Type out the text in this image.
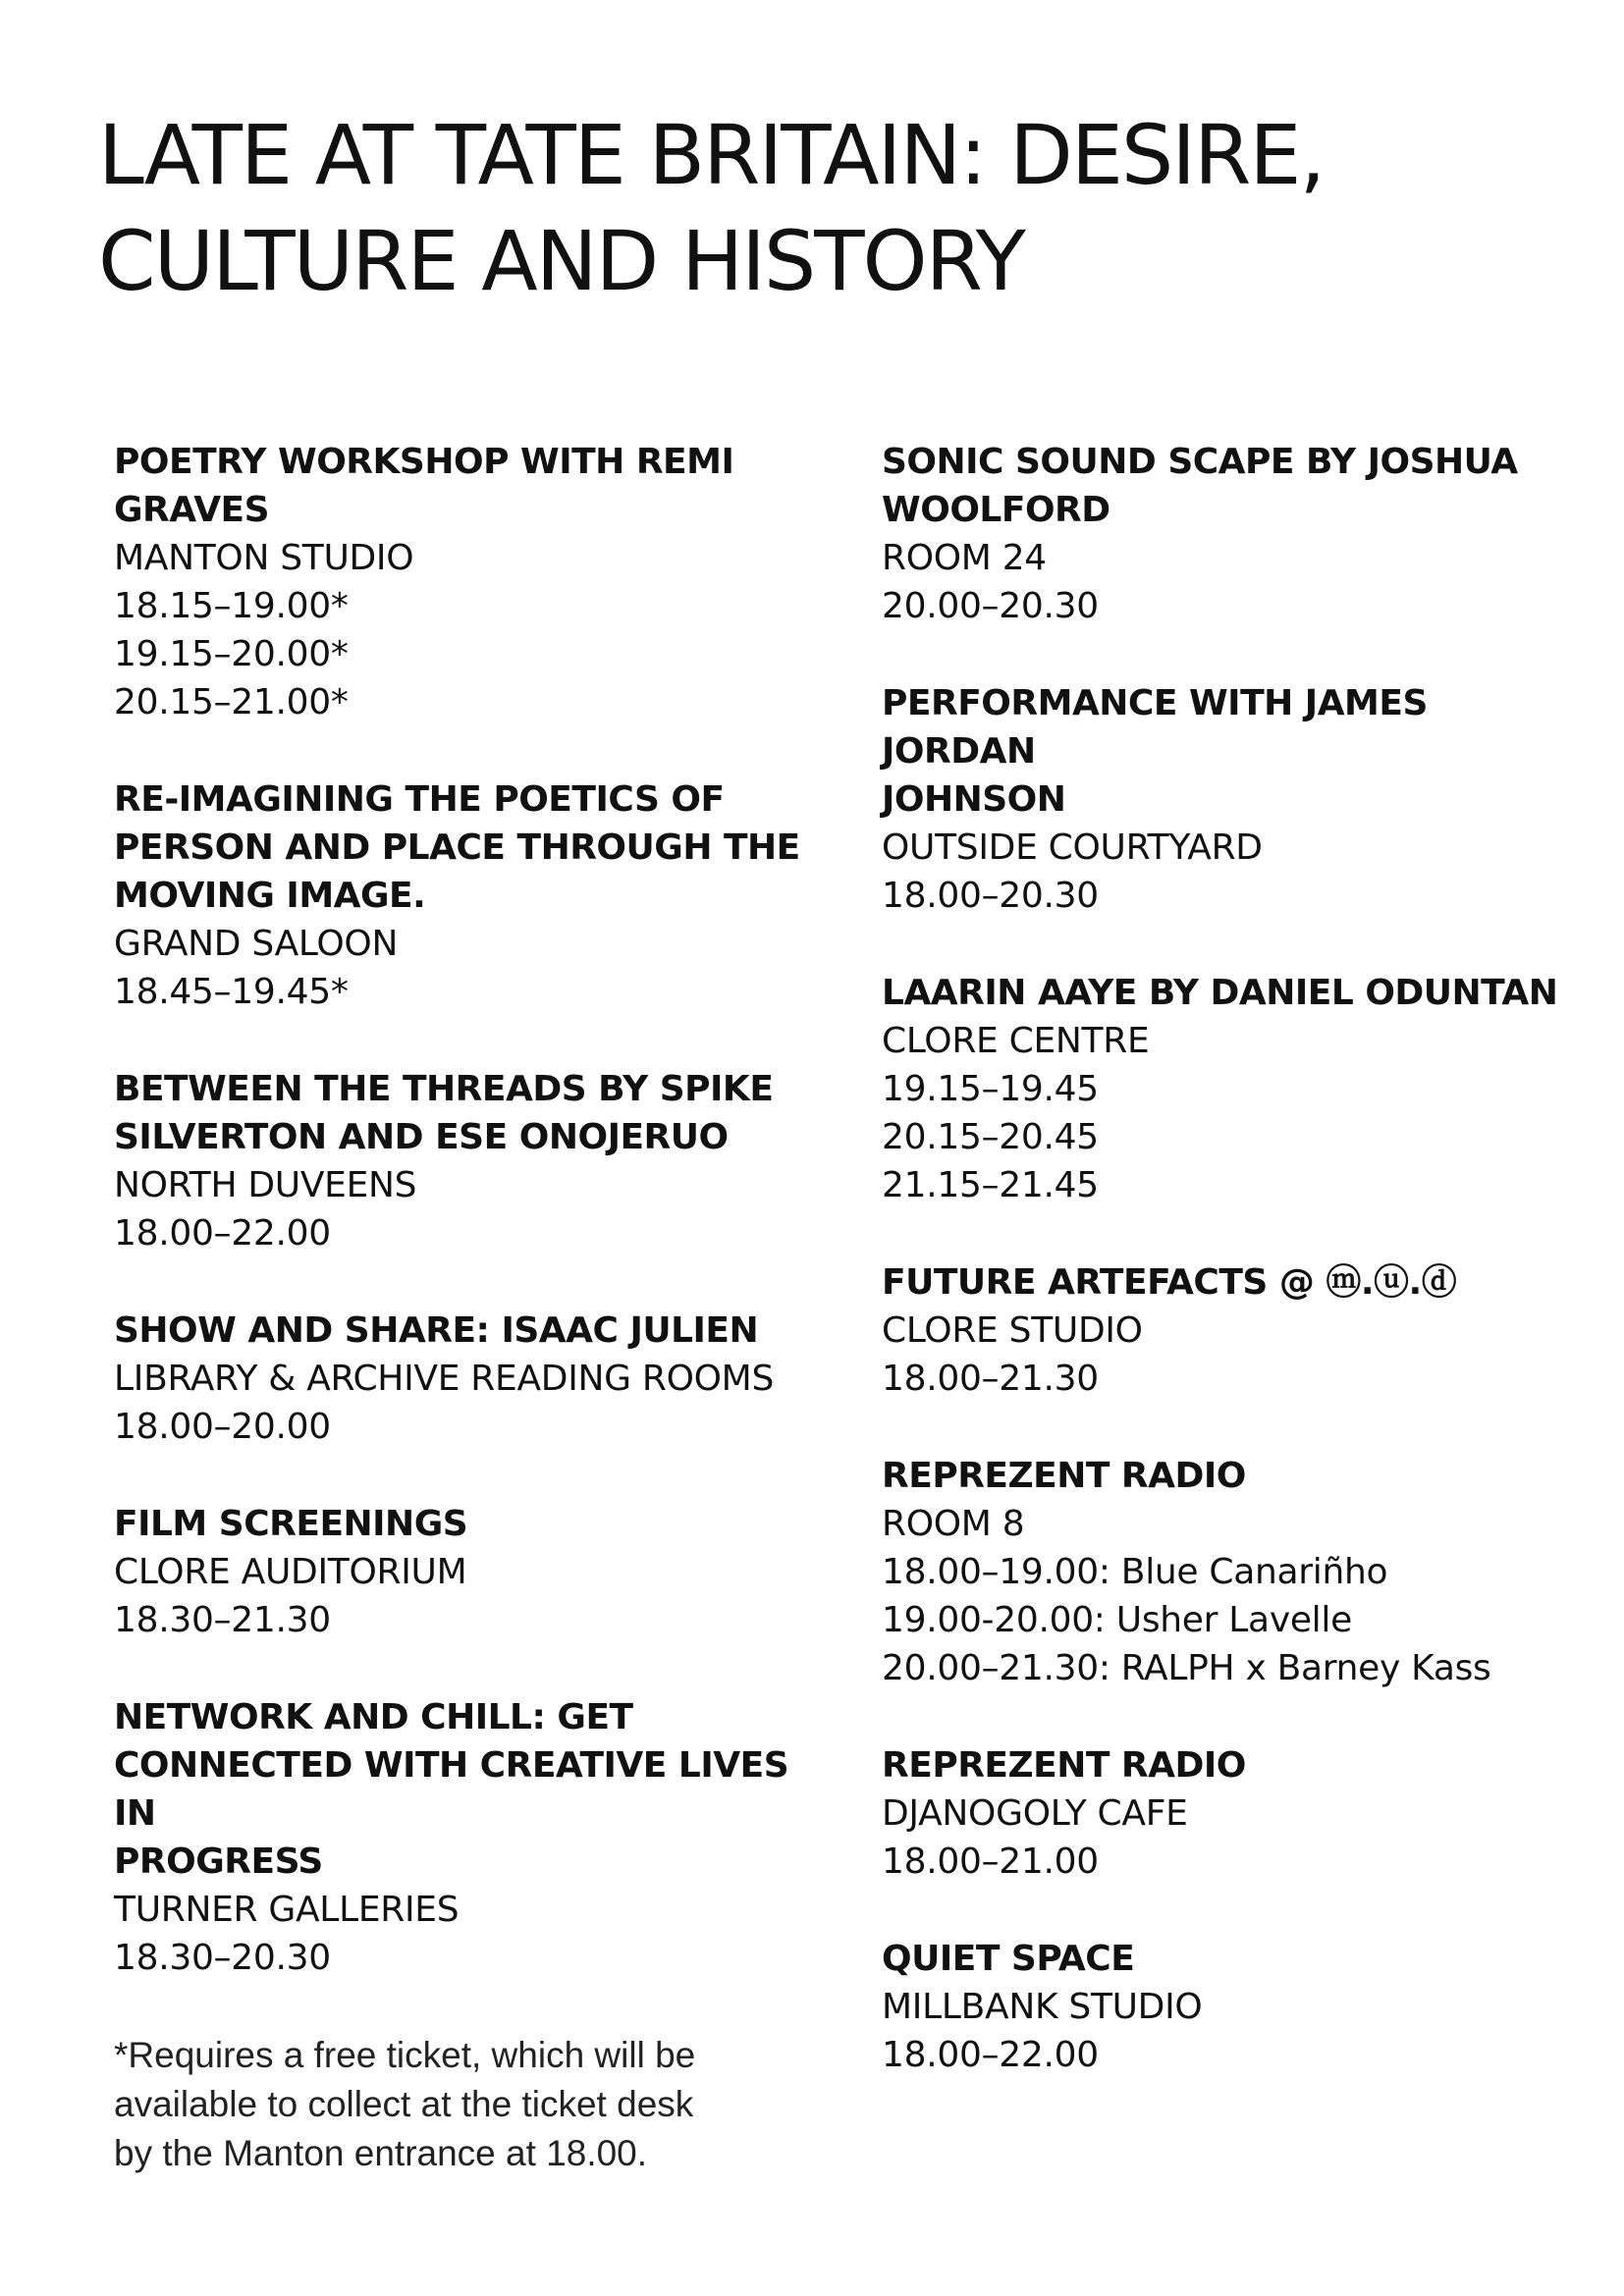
LATE AT TATE BRITAIN: DESIRE,
CULTURE AND HISTORY

POETRY WORKSHOP WITH REMI

GRAVES

MANTON STUDIO

18.15–19.00*

19.15–20.00*

20.15–21.00*

RE-IMAGINING THE POETICS OF

PERSON AND PLACE THROUGH THE

MOVING IMAGE.

GRAND SALOON

18.45–19.45*

BETWEEN THE THREADS BY SPIKE

SILVERTON AND ESE ONOJERUO

NORTH DUVEENS

18.00–22.00

SHOW AND SHARE: ISAAC JULIEN

LIBRARY & ARCHIVE READING ROOMS

18.00–20.00

FILM SCREENINGS

CLORE AUDITORIUM

18.30–21.30

NETWORK AND CHILL: GET

CONNECTED WITH CREATIVE LIVES IN

PROGRESS

TURNER GALLERIES

18.30–20.30

*Requires a free ticket, which will be
available to collect at the ticket desk
by the Manton entrance at 18.00.

SONIC SOUND SCAPE BY JOSHUA

WOOLFORD

ROOM 24

20.00–20.30

PERFORMANCE WITH JAMES JORDAN

JOHNSON

OUTSIDE COURTYARD

18.00–20.30

LAARIN AAYE BY DANIEL ODUNTAN

CLORE CENTRE

19.15–19.45

20.15–20.45

21.15–21.45

FUTURE ARTEFACTS @ ⓜ.ⓤ.ⓓ

CLORE STUDIO

18.00–21.30

REPREZENT RADIO

ROOM 8

18.00–19.00: Blue Canariñho

19.00-20.00: Usher Lavelle

20.00–21.30: RALPH x Barney Kass

REPREZENT RADIO

DJANOGOLY CAFE

18.00–21.00

QUIET SPACE

MILLBANK STUDIO

18.00–22.00
